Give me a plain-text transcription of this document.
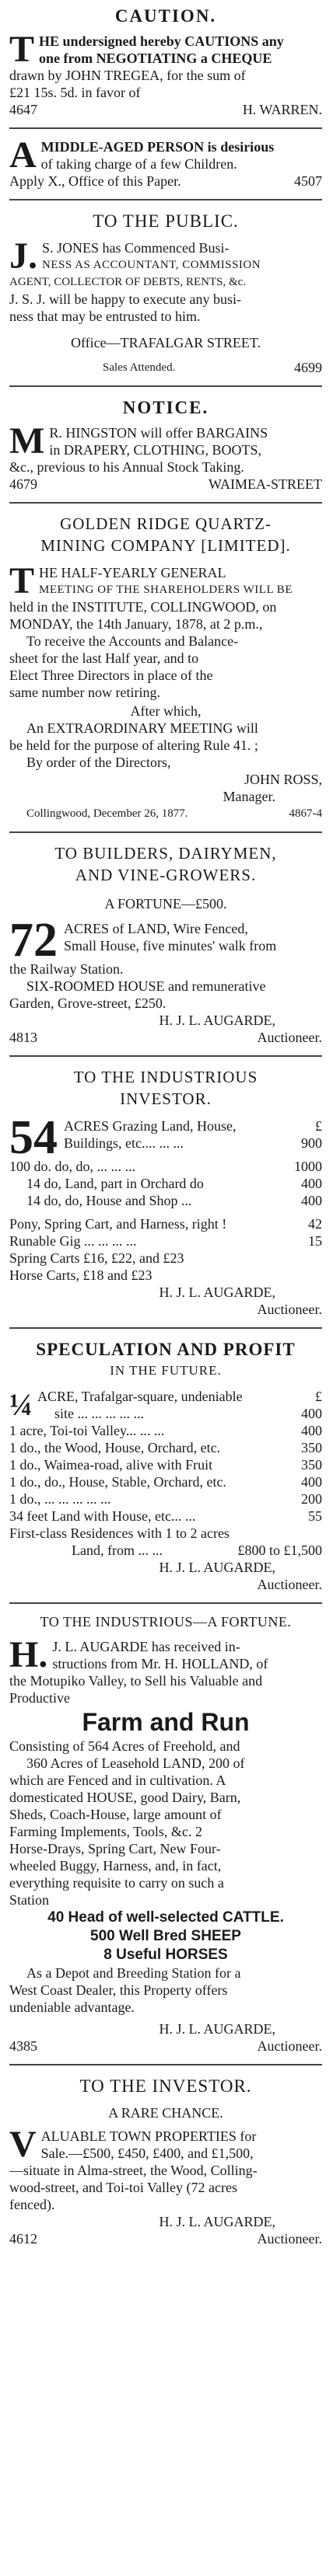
CAUTION.
T HE undersigned hereby CAUTIONS any
one from NEGOTIATING a CHEQUE
drawn by JOHN TREGEA, for the sum of
£21 15s. 5d. in favor of
4647	H. WARREN.
A MIDDLE-AGED PERSON is desirious
of taking charge of a few Children.
Apply X., Office of this Paper.	4507
TO THE PUBLIC.
J. S. JONES has Commenced Busi-
NESS AS ACCOUNTANT, COMMISSION
AGENT, COLLECTOR OF DEBTS, RENTS, &c.
J. S. J. will be happy to execute any busi-
ness that may be entrusted to him.
Office—TRAFALGAR STREET.
Sales Attended.	4699
NOTICE.
M R. HINGSTON will offer BARGAINS
in DRAPERY, CLOTHING, BOOTS,
&c., previous to his Annual Stock Taking.
4679	WAIMEA-STREET
GOLDEN RIDGE QUARTZ-
MINING COMPANY [LIMITED].
T HE HALF-YEARLY GENERAL
MEETING OF THE SHAREHOLDERS WILL BE
held in the INSTITUTE, COLLINGWOOD, on
MONDAY, the 14th January, 1878, at 2 p.m.,
To receive the Accounts and Balance-
sheet for the last Half year, and to
Elect Three Directors in place of the
same number now retiring.
After which,
An EXTRAORDINARY MEETING will
be held for the purpose of altering Rule 41. ;
By order of the Directors,
JOHN ROSS,
Manager.
Collingwood, December 26, 1877.	4867-4
TO BUILDERS, DAIRYMEN,
AND VINE-GROWERS.
A FORTUNE—£500.
72 ACRES of LAND, Wire Fenced,
Small House, five minutes' walk from
the Railway Station.
SIX-ROOMED HOUSE and remunerative
Garden, Grove-street, £250.
H. J. L. AUGARDE,
4813	Auctioneer.
TO THE INDUSTRIOUS
INVESTOR.
54 ACRES Grazing Land, House,	£
Buildings, etc.... ... ...	900
100 do. do, do, ... ... ...	1000
14 do, Land, part in Orchard do	400
14 do, do, House and Shop ...	400
Pony, Spring Cart, and Harness, right !	42
Runable Gig ... ... ... ...	15
Spring Carts £16, £22, and £23
Horse Carts, £18 and £23
H. J. L. AUGARDE,
Auctioneer.
SPECULATION AND PROFIT
IN THE FUTURE.
¼ ACRE, Trafalgar-square, undeniable	£
site ... ... ... ... ...	400
1 acre, Toi-toi Valley... ... ...	400
1 do., the Wood, House, Orchard, etc.	350
1 do., Waimea-road, alive with Fruit	350
1 do., do., House, Stable, Orchard, etc.	400
1 do., ... ... ... ... ...	200
34 feet Land with House, etc... ...	55
First-class Residences with 1 to 2 acres
Land, from ... ...	£800 to £1,500
H. J. L. AUGARDE,
Auctioneer.
TO THE INDUSTRIOUS—A FORTUNE.
H. J. L. AUGARDE has received in-
structions from Mr. H. HOLLAND, of
the Motupiko Valley, to Sell his Valuable and
Productive
Farm and Run
Consisting of 564 Acres of Freehold, and
360 Acres of Leasehold LAND, 200 of
which are Fenced and in cultivation. A
domesticated HOUSE, good Dairy, Barn,
Sheds, Coach-House, large amount of
Farming Implements, Tools, &c. 2
Horse-Drays, Spring Cart, New Four-
wheeled Buggy, Harness, and, in fact,
everything requisite to carry on such a
Station
40 Head of well-selected CATTLE.
500 Well Bred SHEEP
8 Useful HORSES
As a Depot and Breeding Station for a
West Coast Dealer, this Property offers
undeniable advantage.
H. J. L. AUGARDE,
4385	Auctioneer.
TO THE INVESTOR.
A RARE CHANCE.
V ALUABLE TOWN PROPERTIES for
Sale.—£500, £450, £400, and £1,500,
—situate in Alma-street, the Wood, Colling-
wood-street, and Toi-toi Valley (72 acres
fenced).
H. J. L. AUGARDE,
4612	Auctioneer.
